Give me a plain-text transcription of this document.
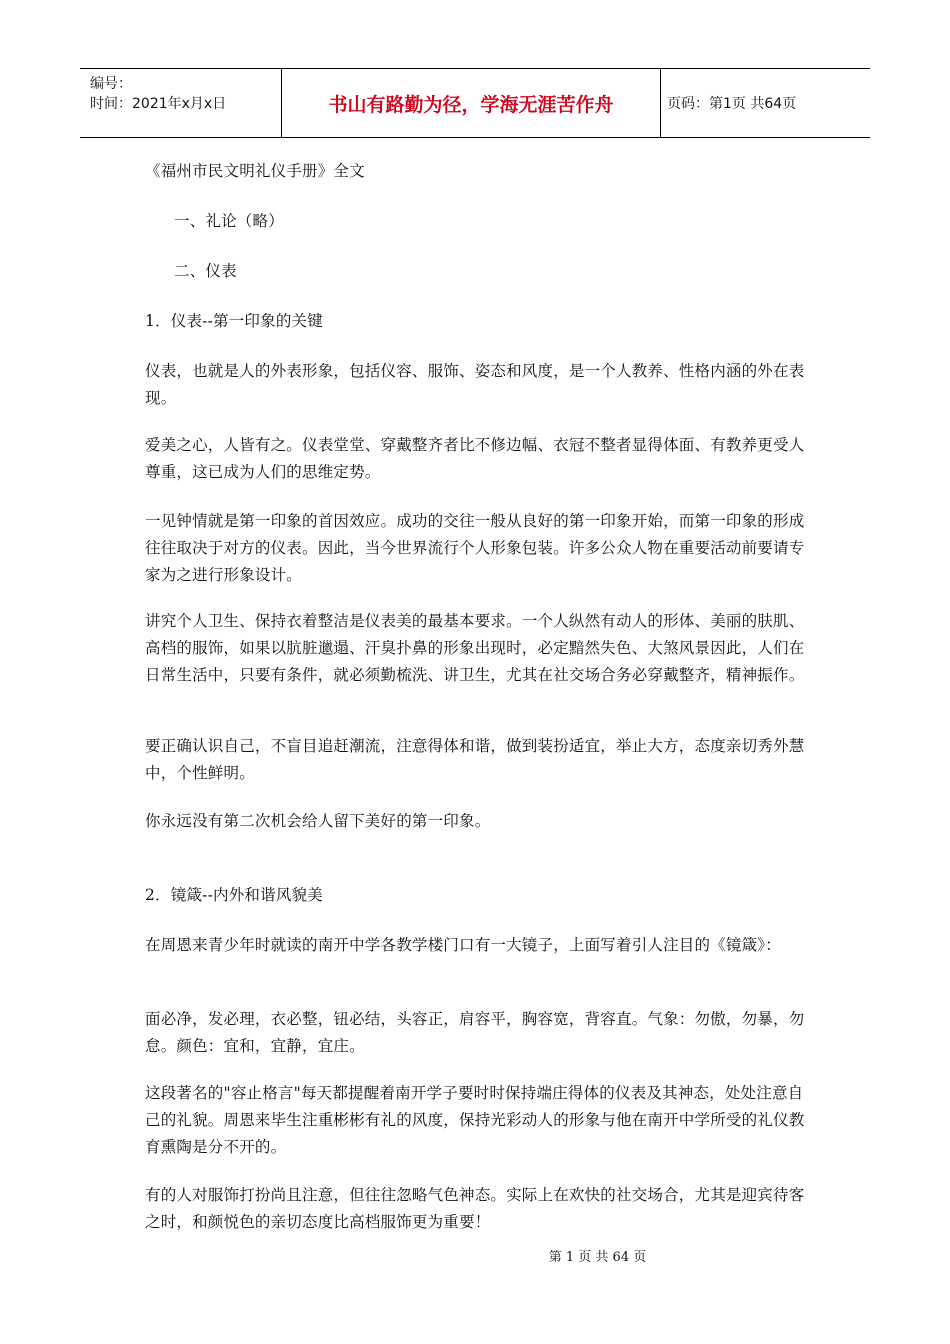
编号：
时间：2021年x月x日	书山有路勤为径，学海无涯苦作舟	页码：第1页 共64页

《福州市民文明礼仪手册》全文

一、礼论（略）

二、仪表

1．仪表--第一印象的关键

仪表，也就是人的外表形象，包括仪容、服饰、姿态和风度，是一个人教养、性格内涵的外在表现。

爱美之心，人皆有之。仪表堂堂、穿戴整齐者比不修边幅、衣冠不整者显得体面、有教养更受人尊重，这已成为人们的思维定势。

一见钟情就是第一印象的首因效应。成功的交往一般从良好的第一印象开始，而第一印象的形成往往取决于对方的仪表。因此，当今世界流行个人形象包装。许多公众人物在重要活动前要请专家为之进行形象设计。

讲究个人卫生、保持衣着整洁是仪表美的最基本要求。一个人纵然有动人的形体、美丽的肤肌、高档的服饰，如果以肮脏邋遢、汗臭扑鼻的形象出现时，必定黯然失色、大煞风景因此，人们在日常生活中，只要有条件，就必须勤梳洗、讲卫生，尤其在社交场合务必穿戴整齐，精神振作。

要正确认识自己，不盲目追赶潮流，注意得体和谐，做到装扮适宜，举止大方，态度亲切秀外慧中，个性鲜明。

你永远没有第二次机会给人留下美好的第一印象。

2．镜箴--内外和谐风貌美

在周恩来青少年时就读的南开中学各教学楼门口有一大镜子，上面写着引人注目的《镜箴》：

面必净，发必理，衣必整，钮必结，头容正，肩容平，胸容宽，背容直。气象：勿傲，勿暴，勿怠。颜色：宜和，宜静，宜庄。

这段著名的"容止格言"每天都提醒着南开学子要时时保持端庄得体的仪表及其神态，处处注意自己的礼貌。周恩来毕生注重彬彬有礼的风度，保持光彩动人的形象与他在南开中学所受的礼仪教育熏陶是分不开的。

有的人对服饰打扮尚且注意，但往往忽略气色神态。实际上在欢快的社交场合，尤其是迎宾待客之时，和颜悦色的亲切态度比高档服饰更为重要！

第 1 页 共 64 页
